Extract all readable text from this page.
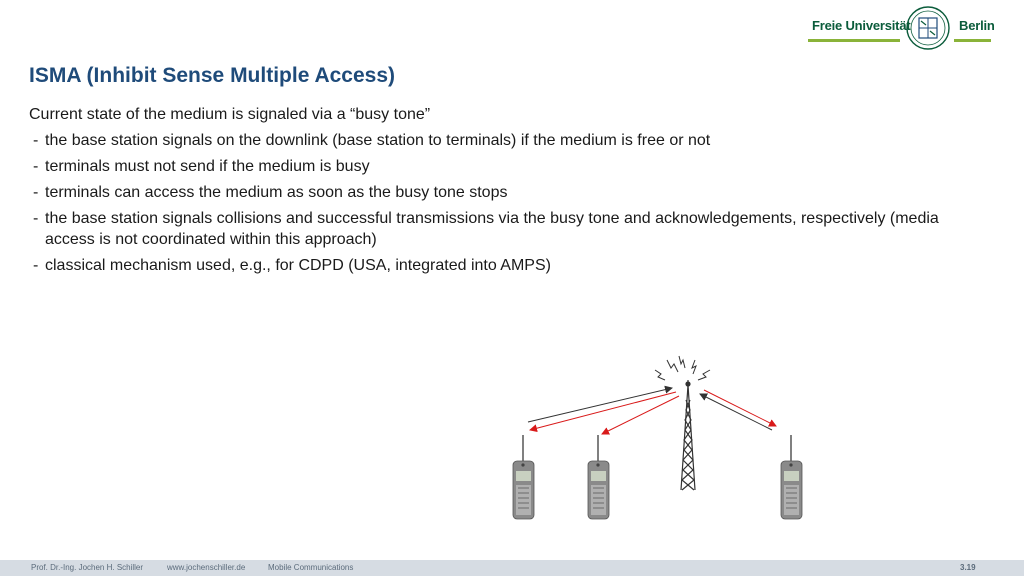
Freie Universität	Berlin
ISMA (Inhibit Sense Multiple Access)

Current state of the medium is signaled via a “busy tone”

- the base station signals on the downlink (base station to terminals) if the medium is free or not
- terminals must not send if the medium is busy
- terminals can access the medium as soon as the busy tone stops
- the base station signals collisions and successful transmissions via the busy tone and acknowledgements, respectively (media access is not coordinated within this approach)
- classical mechanism used, e.g., for CDPD (USA, integrated into AMPS)
Prof. Dr.-Ing. Jochen H. Schiller	www.jochenschiller.de	Mobile Communications	3.19
